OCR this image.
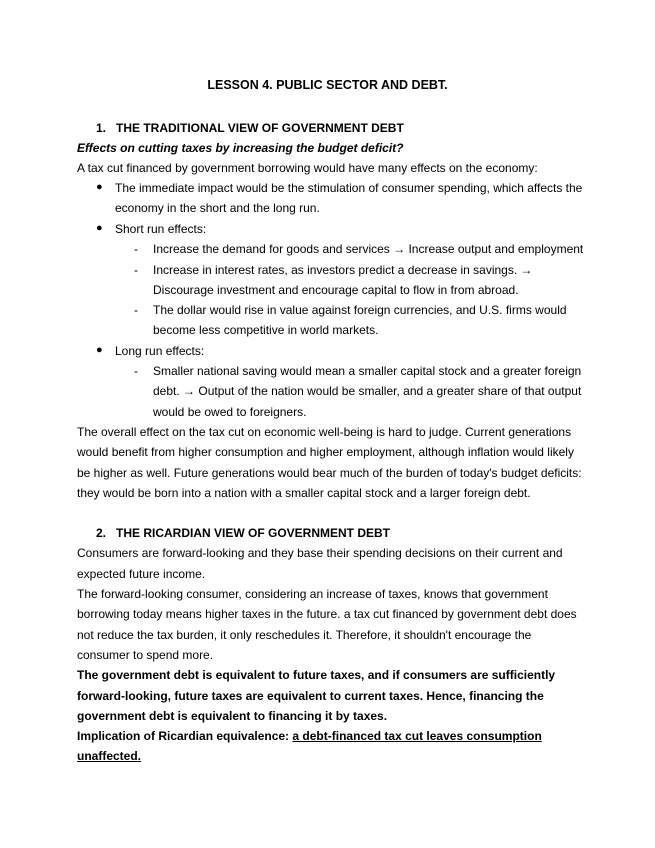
LESSON 4. PUBLIC SECTOR AND DEBT.
1. THE TRADITIONAL VIEW OF GOVERNMENT DEBT
Effects on cutting taxes by increasing the budget deficit?
A tax cut financed by government borrowing would have many effects on the economy:
● The immediate impact would be the stimulation of consumer spending, which affects the
economy in the short and the long run.
● Short run effects:
- Increase the demand for goods and services → Increase output and employment
- Increase in interest rates, as investors predict a decrease in savings. →
Discourage investment and encourage capital to flow in from abroad.
- The dollar would rise in value against foreign currencies, and U.S. firms would
become less competitive in world markets.
● Long run effects:
- Smaller national saving would mean a smaller capital stock and a greater foreign
debt. → Output of the nation would be smaller, and a greater share of that output
would be owed to foreigners.
The overall effect on the tax cut on economic well-being is hard to judge. Current generations
would benefit from higher consumption and higher employment, although inflation would likely
be higher as well. Future generations would bear much of the burden of today's budget deficits:
they would be born into a nation with a smaller capital stock and a larger foreign debt.
2. THE RICARDIAN VIEW OF GOVERNMENT DEBT
Consumers are forward-looking and they base their spending decisions on their current and
expected future income.
The forward-looking consumer, considering an increase of taxes, knows that government
borrowing today means higher taxes in the future. a tax cut financed by government debt does
not reduce the tax burden, it only reschedules it. Therefore, it shouldn't encourage the
consumer to spend more.
The government debt is equivalent to future taxes, and if consumers are sufficiently
forward-looking, future taxes are equivalent to current taxes. Hence, financing the
government debt is equivalent to financing it by taxes.
Implication of Ricardian equivalence: a debt-financed tax cut leaves consumption
unaffected.
